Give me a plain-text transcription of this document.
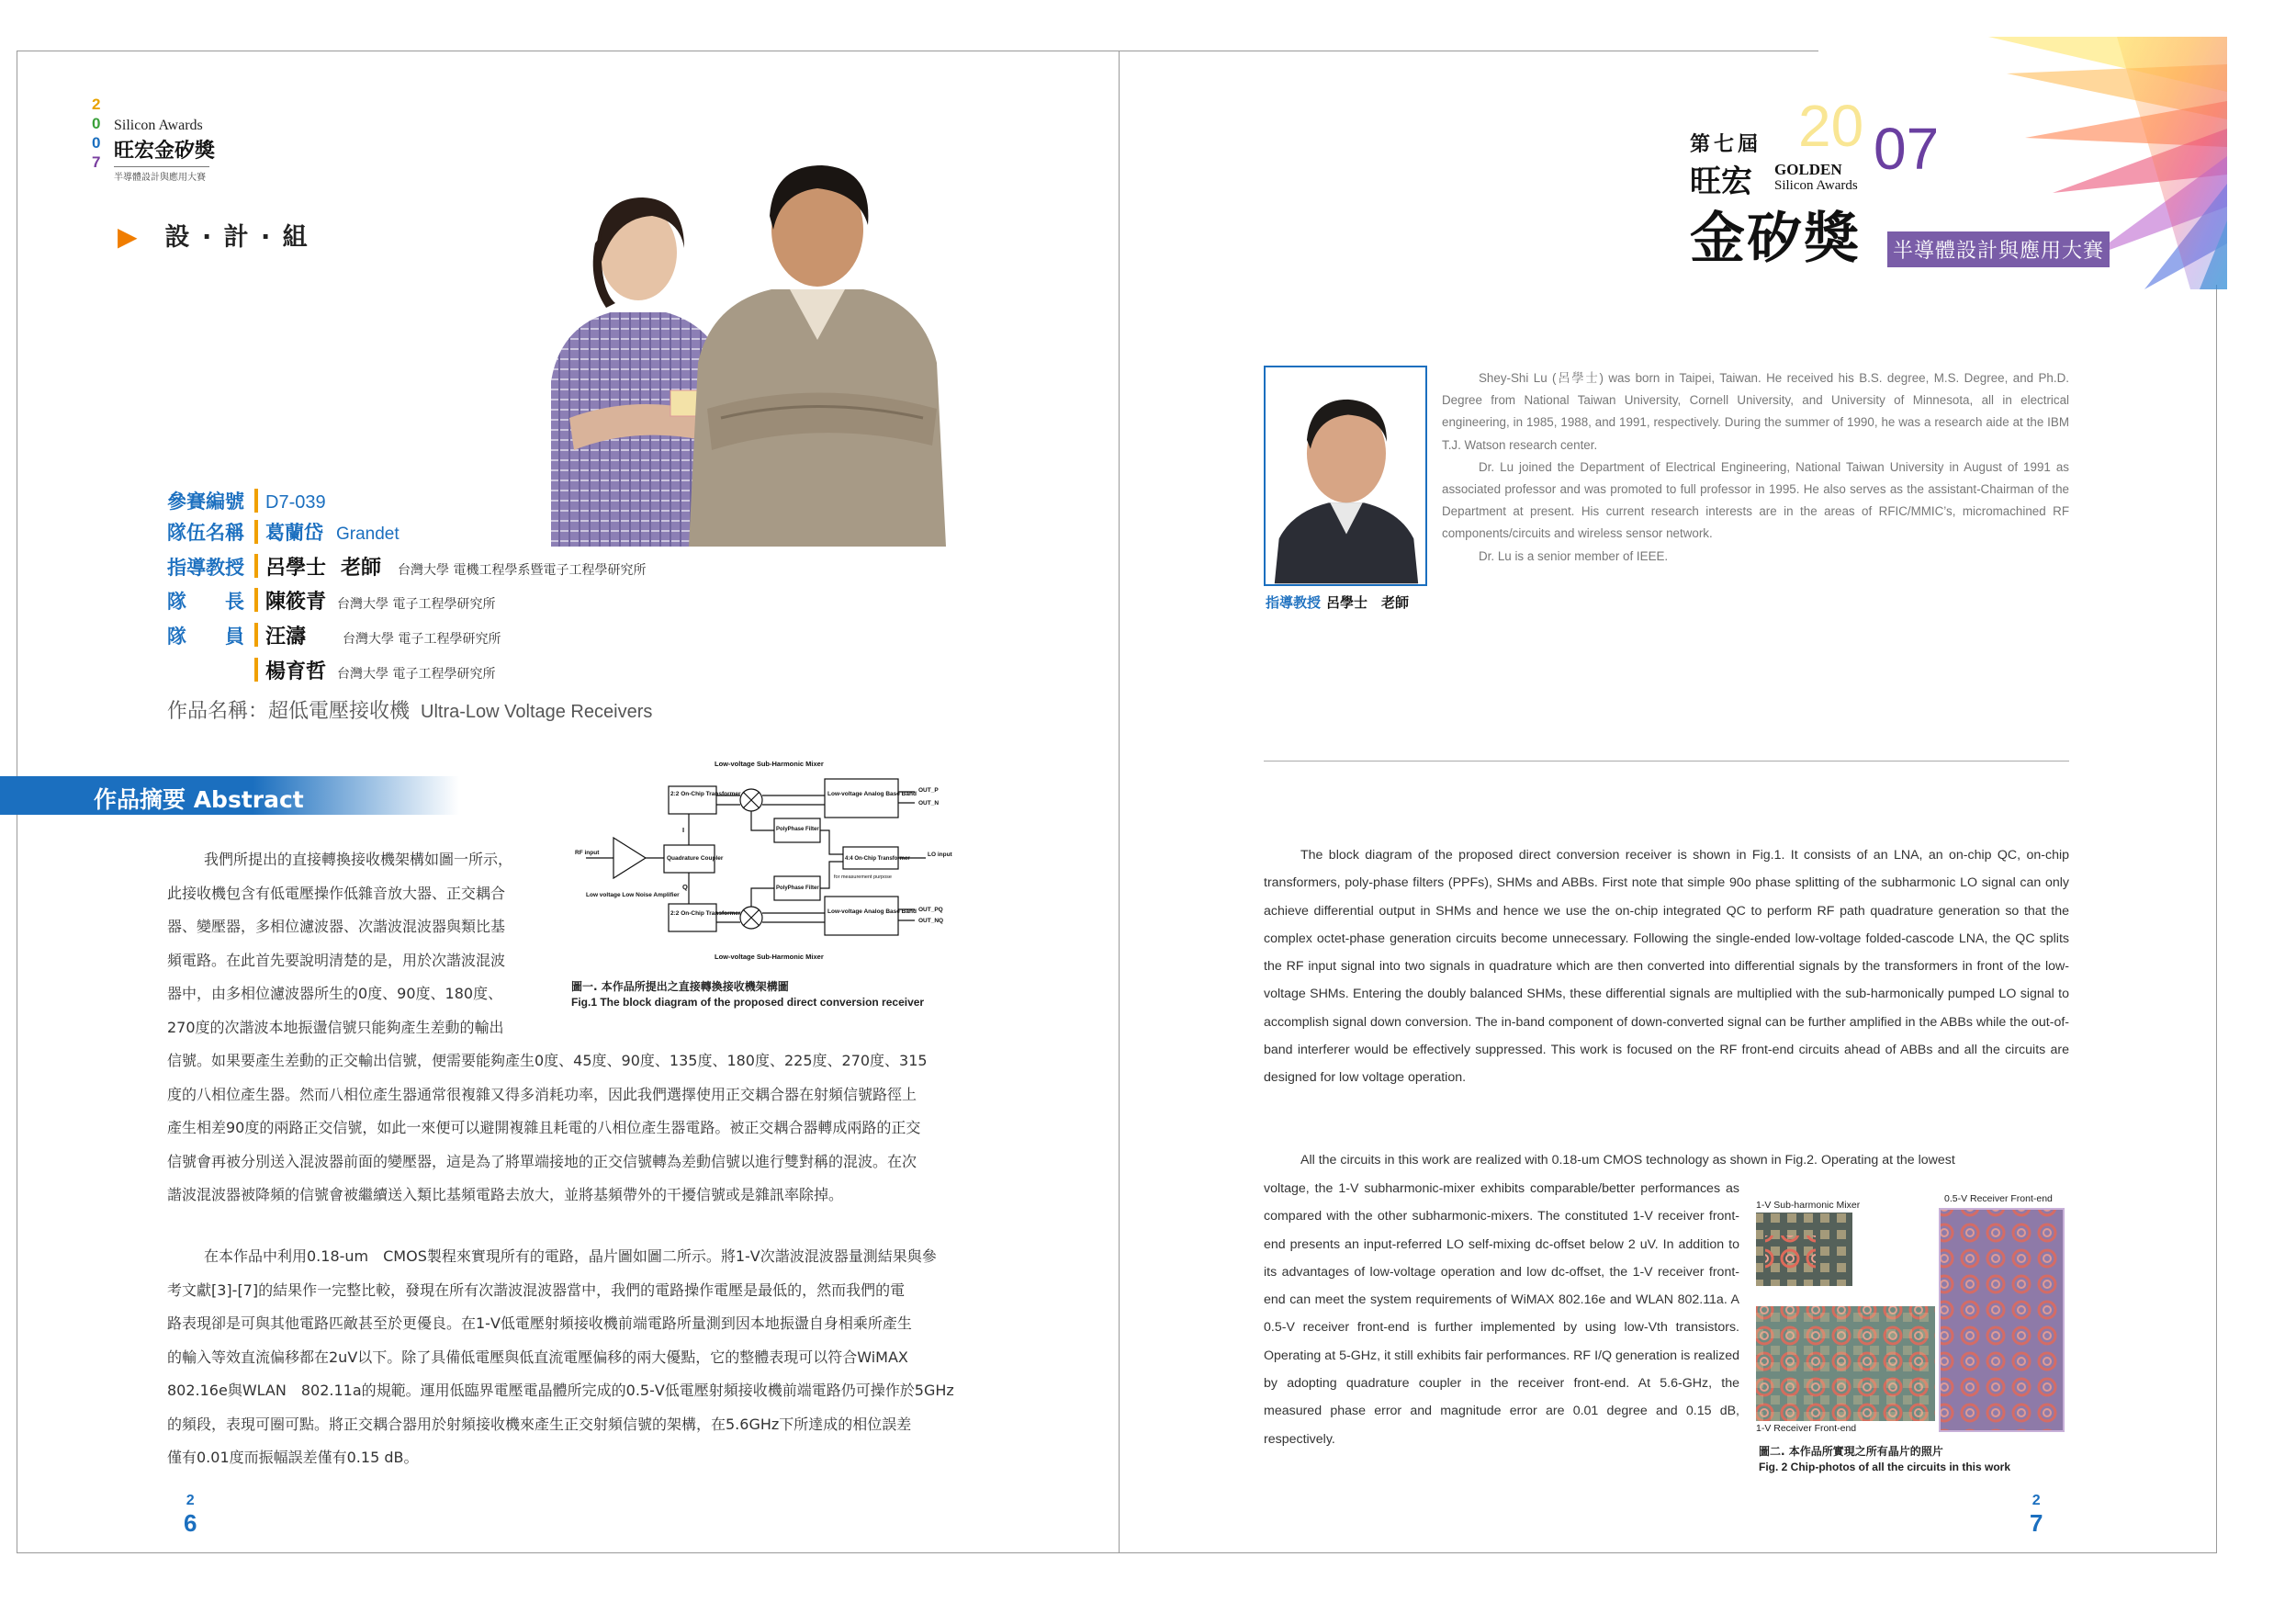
2
0
0
7
Silicon Awards
旺宏金矽獎
半導體設計與應用大賽
▶ 設 · 計 · 組
參賽編號	D7-039
隊伍名稱	葛蘭岱 Grandet
指導教授	呂學士 老師 台灣大學 電機工程學系暨電子工程學研究所
隊　　長	陳筱青 台灣大學 電子工程學研究所
隊　　員	汪濤	台灣大學 電子工程學研究所
楊育哲 台灣大學 電子工程學研究所
作品名稱：超低電壓接收機 Ultra-Low Voltage Receivers
作品摘要 Abstract
我們所提出的直接轉換接收機架構如圖一所示，
此接收機包含有低電壓操作低雜音放大器、正交耦合
器、變壓器，多相位濾波器、次諧波混波器與類比基
頻電路。在此首先要說明清楚的是，用於次諧波混波
器中，由多相位濾波器所生的0度、90度、180度、
270度的次諧波本地振盪信號只能夠產生差動的輸出
信號。如果要產生差動的正交輸出信號，便需要能夠產生0度、45度、90度、135度、180度、225度、270度、315
度的八相位產生器。然而八相位產生器通常很複雜又得多消耗功率，因此我們選擇使用正交耦合器在射頻信號路徑上
產生相差90度的兩路正交信號，如此一來便可以避開複雜且耗電的八相位產生器電路。被正交耦合器轉成兩路的正交
信號會再被分別送入混波器前面的變壓器，這是為了將單端接地的正交信號轉為差動信號以進行雙對稱的混波。在次
諧波混波器被降頻的信號會被繼續送入類比基頻電路去放大，並將基頻帶外的干擾信號或是雜訊率除掉。
在本作品中利用0.18-um　CMOS製程來實現所有的電路，晶片圖如圖二所示。將1-V次諧波混波器量測結果與參
考文獻[3]-[7]的結果作一完整比較，發現在所有次諧波混波器當中，我們的電路操作電壓是最低的，然而我們的電
路表現卻是可與其他電路匹敵甚至於更優良。在1-V低電壓射頻接收機前端電路所量測到因本地振盪自身相乘所產生
的輸入等效直流偏移都在2uV以下。除了具備低電壓與低直流電壓偏移的兩大優點，它的整體表現可以符合WiMAX
802.16e與WLAN　802.11a的規範。運用低臨界電壓電晶體所完成的0.5-V低電壓射頻接收機前端電路仍可操作於5GHz
的頻段，表現可圈可點。將正交耦合器用於射頻接收機來產生正交射頻信號的架構，在5.6GHz下所達成的相位誤差
僅有0.01度而振幅誤差僅有0.15 dB。
Low-voltage Sub-Harmonic Mixer
2:2 On-Chip Transformer
2:2 On-Chip Transformer
Low-voltage Analog Base Band
Low-voltage Analog Base Band
OUT_P
OUT_N
OUT_PQ
OUT_NQ
PolyPhase Filter
PolyPhase Filter
4:4 On-Chip Transformer
for measurement purpose
LO input
RF input
Quadrature Coupler
Low voltage Low Noise Amplifier
I
Q
Low-voltage Sub-Harmonic Mixer
圖一. 本作品所提出之直接轉換接收機架構圖
Fig.1 The block diagram of the proposed direct conversion receiver
2
6
20 07
第七屆
旺宏 GOLDEN
Silicon Awards
金矽獎 半導體設計與應用大賽
指導教授 呂學士　老師

Shey-Shi Lu (呂學士) was born in Taipei, Taiwan. He received his B.S. degree, M.S. Degree, and Ph.D. Degree from National Taiwan University, Cornell University, and University of Minnesota, all in electrical engineering, in 1985, 1988, and 1991, respectively. During the summer of 1990, he was a research aide at the IBM T.J. Watson research center.

Dr. Lu joined the Department of Electrical Engineering, National Taiwan University in August of 1991 as associated professor and was promoted to full professor in 1995. He also serves as the assistant-Chairman of the Department at present. His current research interests are in the areas of RFIC/MMIC’s, micromachined RF components/circuits and wireless sensor network.

Dr. Lu is a senior member of IEEE.

The block diagram of the proposed direct conversion receiver is shown in Fig.1. It consists of an LNA, an on-chip QC, on-chip transformers, poly-phase filters (PPFs), SHMs and ABBs. First note that simple 90o phase splitting of the subharmonic LO signal can only achieve differential output in SHMs and hence we use the on-chip integrated QC to perform RF path quadrature generation so that the complex octet-phase generation circuits become unnecessary. Following the single-ended low-voltage folded-cascode LNA, the QC splits the RF input signal into two signals in quadrature which are then converted into differential signals by the transformers in front of the low-voltage SHMs. Entering the doubly balanced SHMs, these differential signals are multiplied with the sub-harmonically pumped LO signal to accomplish signal down conversion. The in-band component of down-converted signal can be further amplified in the ABBs while the out-of-band interferer would be effectively suppressed. This work is focused on the RF front-end circuits ahead of ABBs and all the circuits are designed for low voltage operation.
All the circuits in this work are realized with 0.18-um CMOS technology as shown in Fig.2. Operating at the lowest
voltage, the 1-V subharmonic-mixer exhibits comparable/better performances as compared with the other subharmonic-mixers. The constituted 1-V receiver front-end presents an input-referred LO self-mixing dc-offset below 2 uV. In addition to its advantages of low-voltage operation and low dc-offset, the 1-V receiver front-end can meet the system requirements of WiMAX 802.16e and WLAN 802.11a. A 0.5-V receiver front-end is further implemented by using low-Vth transistors. Operating at 5-GHz, it still exhibits fair performances. RF I/Q generation is realized by adopting quadrature coupler in the receiver front-end. At 5.6-GHz, the measured phase error and magnitude error are 0.01 degree and 0.15 dB, respectively.
1-V Sub-harmonic Mixer
0.5-V Receiver Front-end
1-V Receiver Front-end
圖二. 本作品所實現之所有晶片的照片
Fig. 2 Chip-photos of all the circuits in this work
2
7
